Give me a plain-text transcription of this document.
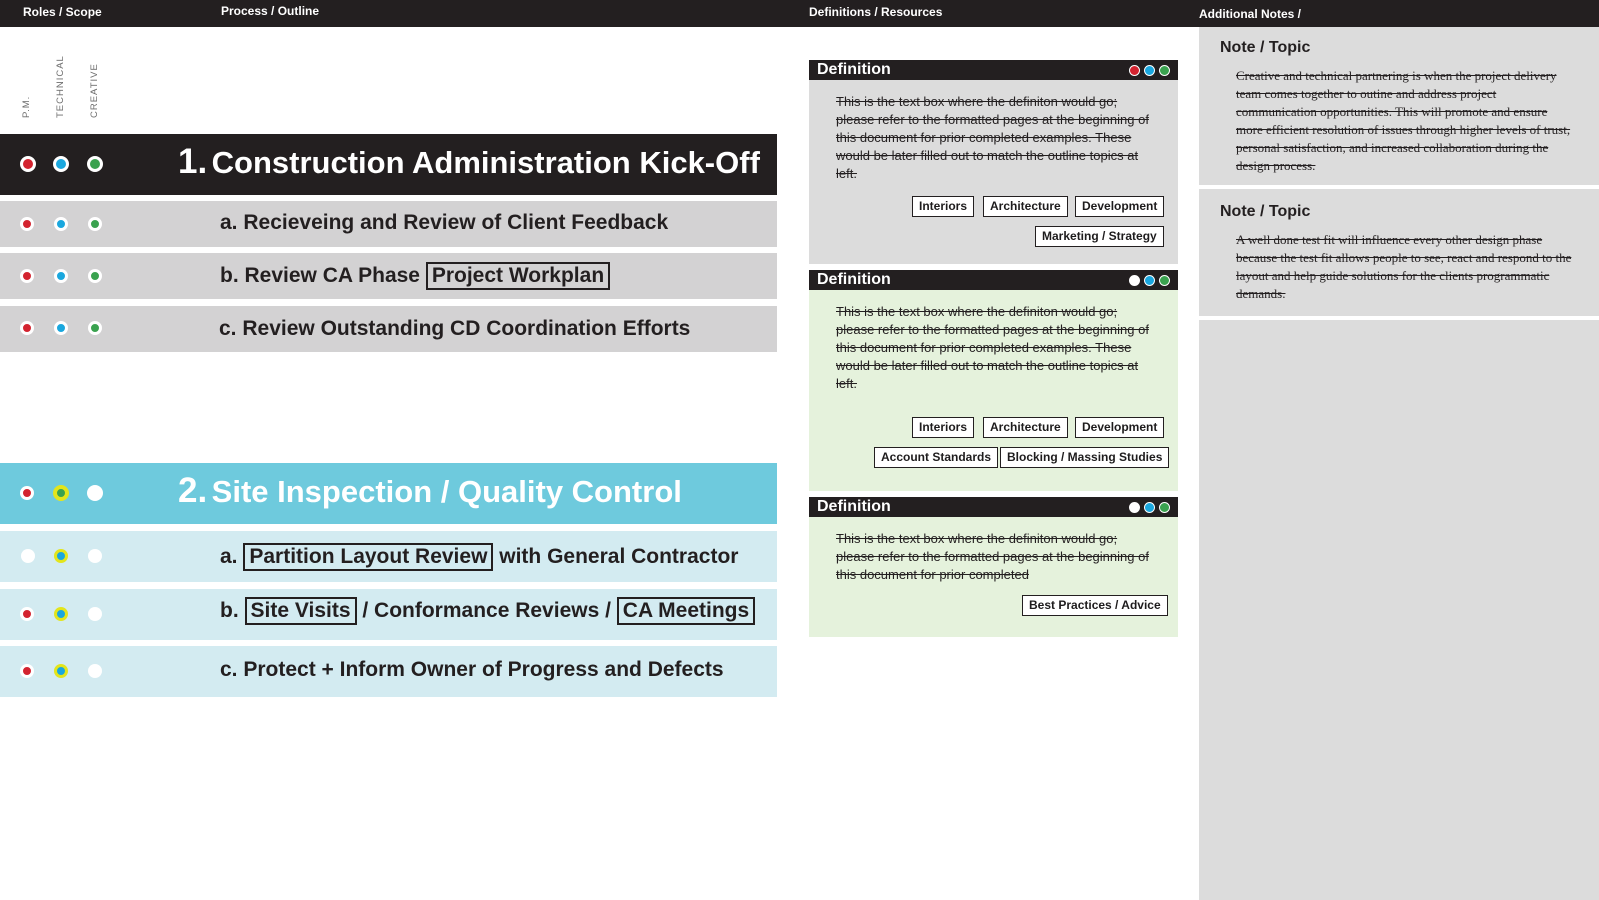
Roles / Scope	Process / Outline	Definitions / Resources	Additional Notes /
P.M. TECHNICAL CREATIVE
1. Construction Administration Kick-Off
a. Recieveing and Review of Client Feedback
b. Review CA Phase Project Workplan
c. Review Outstanding CD Coordination Efforts
2. Site Inspection / Quality Control
a. Partition Layout Review with General Contractor
b. Site Visits / Conformance Reviews / CA Meetings
c. Protect + Inform Owner of Progress and Defects
Definition

This is the text box where the definiton would go; please refer to the formatted pages at the beginning of this document for prior completed examples. These would be later filled out to match the outline topics at left.

Interiors	Architecture	Development
Marketing / Strategy
Definition

This is the text box where the definiton would go; please refer to the formatted pages at the beginning of this document for prior completed examples. These would be later filled out to match the outline topics at left.

Interiors	Architecture	Development
Account Standards	Blocking / Massing Studies
Definition

This is the text box where the definiton would go; please refer to the formatted pages at the beginning of this document for prior completed

Best Practices / Advice
Note / Topic

Creative and technical partnering is when the project delivery team comes together to outine and address project communication opportunities. This will promote and ensure more efficient resolution of issues through higher levels of trust, personal satisfaction, and increased collaboration during the design process.

Note / Topic

A well done test fit will influence every other design phase because the test fit allows people to see, react and respond to the layout and help guide solutions for the clients programmatic demands.
